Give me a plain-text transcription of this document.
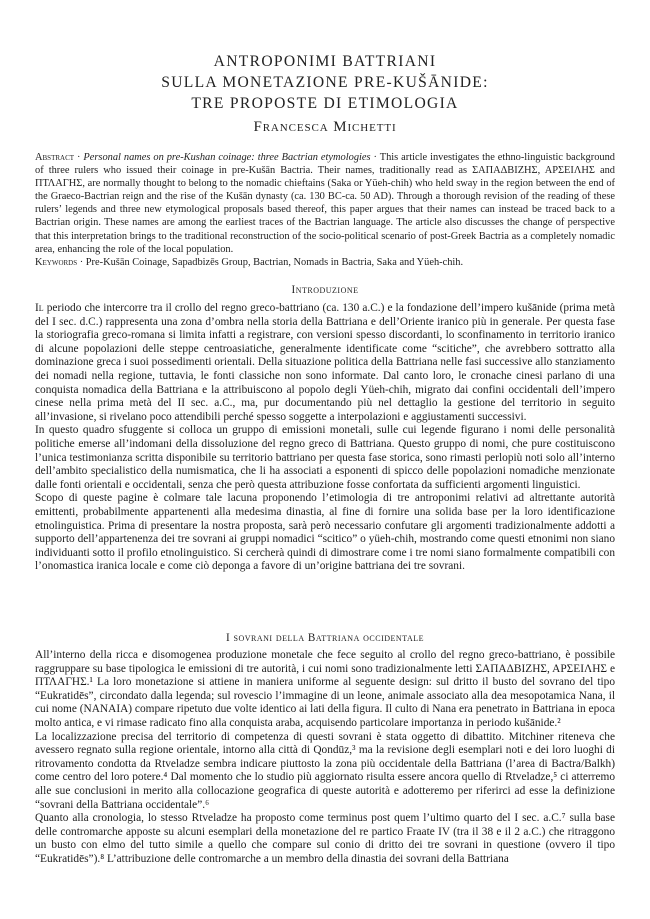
ANTROPONIMI BATTRIANI
SULLA MONETAZIONE PRE-KUŠĀNIDE:
TRE PROPOSTE DI ETIMOLOGIA
Francesca Michetti

Abstract · Personal names on pre-Kushan coinage: three Bactrian etymologies · This article investigates the ethno-linguistic background of three rulers who issued their coinage in pre-Kušān Bactria. Their names, traditionally read as ΣΑΠΑΔΒΙΖΗΣ, ΑΡΣΕΙΛΗΣ and ΠΤΛΑΓΗΣ, are normally thought to belong to the nomadic chieftains (Saka or Yüeh-chih) who held sway in the region between the end of the Graeco-Bactrian reign and the rise of the Kušān dynasty (ca. 130 BC-ca. 50 AD). Through a thorough revision of the reading of these rulers’ legends and three new etymological proposals based thereof, this paper argues that their names can instead be traced back to a Bactrian origin. These names are among the earliest traces of the Bactrian language. The article also discusses the change of perspective that this interpretation brings to the traditional reconstruction of the socio-political scenario of post-Greek Bactria as a completely nomadic area, enhancing the role of the local population.

Keywords · Pre-Kušān Coinage, Sapadbizēs Group, Bactrian, Nomads in Bactria, Saka and Yüeh-chih.

Introduzione

Il periodo che intercorre tra il crollo del regno greco-battriano (ca. 130 a.C.) e la fondazione dell’impero kušānide (prima metà del I sec. d.C.) rappresenta una zona d’ombra nella storia della Battriana e dell’Oriente iranico più in generale. Per questa fase la storiografia greco-romana si limita infatti a registrare, con versioni spesso discordanti, lo sconfinamento in territorio iranico di alcune popolazioni delle steppe centroasiatiche, generalmente identificate come “scitiche”, che avrebbero sottratto alla dominazione greca i suoi possedimenti orientali. Della situazione politica della Battriana nelle fasi successive allo stanziamento dei nomadi nella regione, tuttavia, le fonti classiche non sono informate. Dal canto loro, le cronache cinesi parlano di una conquista nomadica della Battriana e la attribuiscono al popolo degli Yüeh-chih, migrato dai confini occidentali dell’impero cinese nella prima metà del II sec. a.C., ma, pur documentando più nel dettaglio la gestione del territorio in seguito all’invasione, si rivelano poco attendibili perché spesso soggette a interpolazioni e aggiustamenti successivi.

In questo quadro sfuggente si colloca un gruppo di emissioni monetali, sulle cui legende figurano i nomi delle personalità politiche emerse all’indomani della dissoluzione del regno greco di Battriana. Questo gruppo di nomi, che pure costituiscono l’unica testimonianza scritta disponibile su territorio battriano per questa fase storica, sono rimasti perlopiù noti solo all’interno dell’ambito specialistico della numismatica, che li ha associati a esponenti di spicco delle popolazioni nomadiche menzionate dalle fonti orientali e occidentali, senza che però questa attribuzione fosse confortata da sufficienti argomenti linguistici.

Scopo di queste pagine è colmare tale lacuna proponendo l’etimologia di tre antroponimi relativi ad altrettante autorità emittenti, probabilmente appartenenti alla medesima dinastia, al fine di fornire una solida base per la loro identificazione etnolinguistica. Prima di presentare la nostra proposta, sarà però necessario confutare gli argomenti tradizionalmente addotti a supporto dell’appartenenza dei tre sovrani ai gruppi nomadici “scitico” o yüeh-chih, mostrando come questi etnonimi non siano individuanti sotto il profilo etnolinguistico. Si cercherà quindi di dimostrare come i tre nomi siano formalmente compatibili con l’onomastica iranica locale e come ciò deponga a favore di un’origine battriana dei tre sovrani.

I sovrani della Battriana occidentale

All’interno della ricca e disomogenea produzione monetale che fece seguito al crollo del regno greco-battriano, è possibile raggruppare su base tipologica le emissioni di tre autorità, i cui nomi sono tradizionalmente letti ΣΑΠΑΔΒΙΖΗΣ, ΑΡΣΕΙΛΗΣ e ΠΤΛΑΓΗΣ.¹ La loro monetazione si attiene in maniera uniforme al seguente design: sul dritto il busto del sovrano del tipo “Eukratidēs”, circondato dalla legenda; sul rovescio l’immagine di un leone, animale associato alla dea mesopotamica Nana, il cui nome (ΝΑΝΑΙΑ) compare ripetuto due volte identico ai lati della figura. Il culto di Nana era penetrato in Battriana in epoca molto antica, e vi rimase radicato fino alla conquista araba, acquisendo particolare importanza in periodo kušānide.²

La localizzazione precisa del territorio di competenza di questi sovrani è stata oggetto di dibattito. Mitchiner riteneva che avessero regnato sulla regione orientale, intorno alla città di Qondūz,³ ma la revisione degli esemplari noti e dei loro luoghi di ritrovamento condotta da Rtveladze sembra indicare piuttosto la zona più occidentale della Battriana (l’area di Bactra/Balkh) come centro del loro potere.⁴ Dal momento che lo studio più aggiornato risulta essere ancora quello di Rtveladze,⁵ ci atterremo alle sue conclusioni in merito alla collocazione geografica di queste autorità e adotteremo per riferirci ad esse la definizione “sovrani della Battriana occidentale”.⁶

Quanto alla cronologia, lo stesso Rtveladze ha proposto come terminus post quem l’ultimo quarto del I sec. a.C.⁷ sulla base delle contromarche apposte su alcuni esemplari della monetazione del re partico Fraate IV (tra il 38 e il 2 a.C.) che ritraggono un busto con elmo del tutto simile a quello che compare sul conio di dritto dei tre sovrani in questione (ovvero il tipo “Eukratidēs”).⁸ L’attribuzione delle contromarche a un membro della dinastia dei sovrani della Battriana
